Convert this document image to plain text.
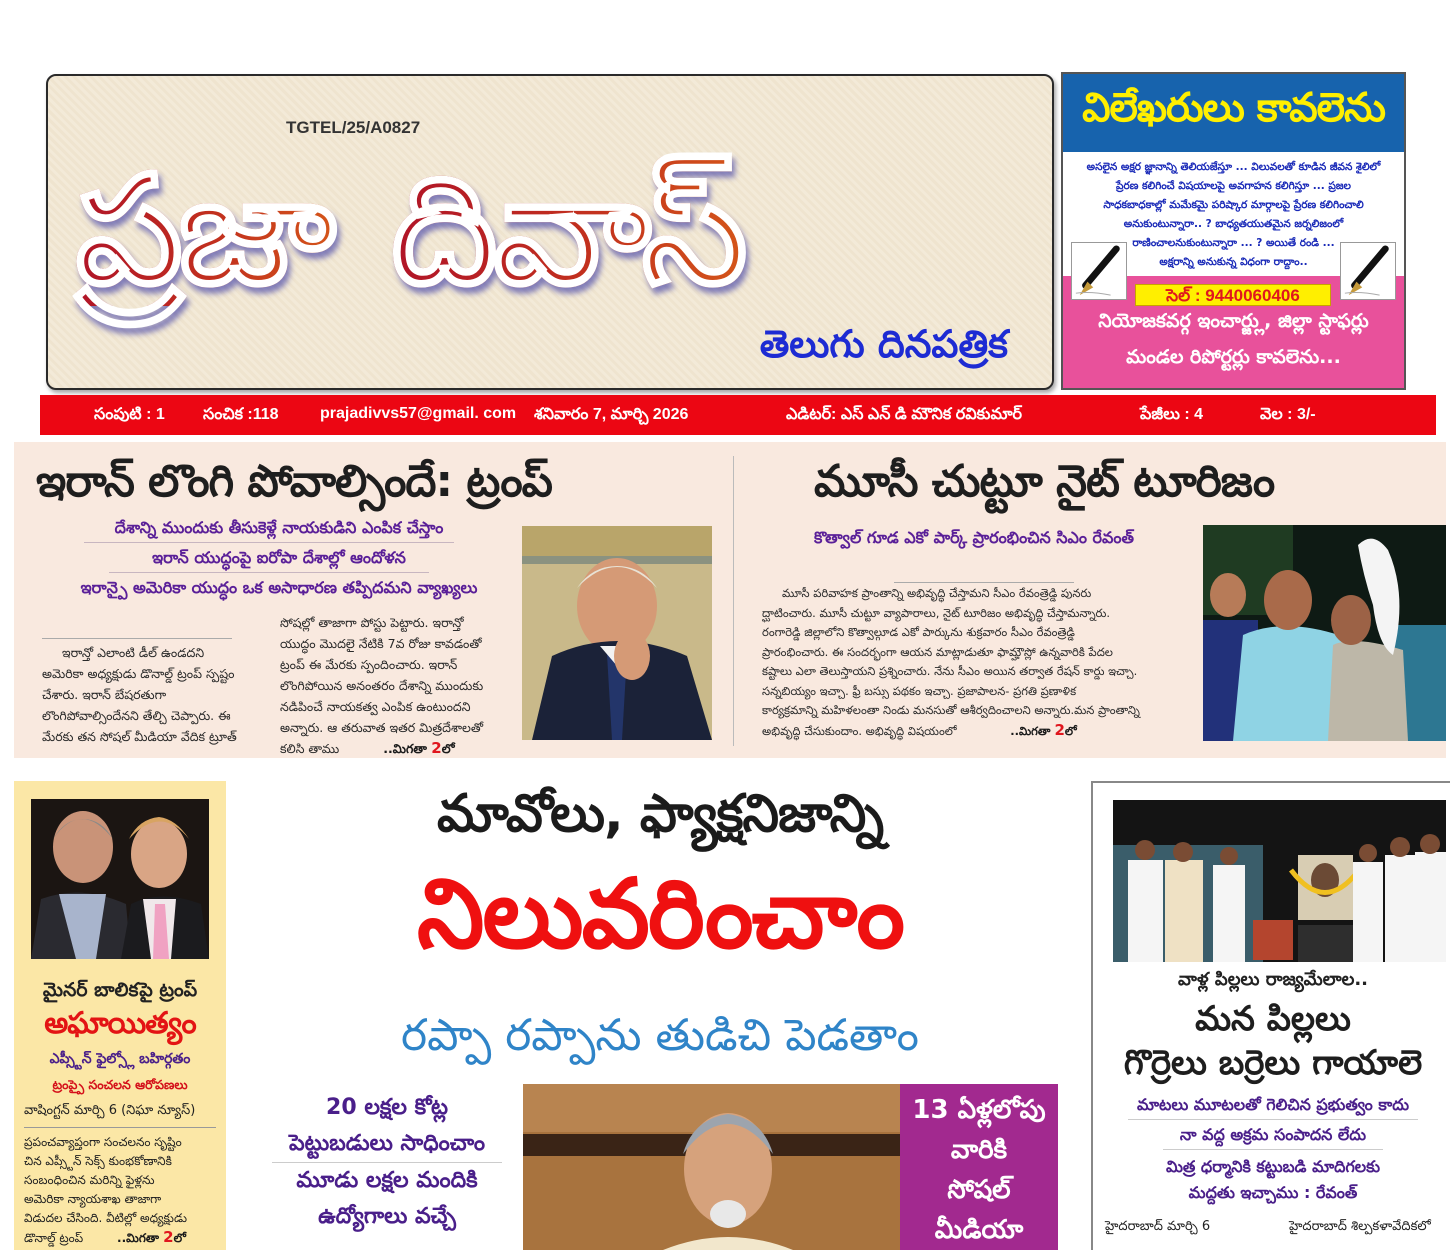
TGTEL/25/A0827
ప్రజా దివాస్
తెలుగు దినపత్రిక
విలేఖరులు కావలెను
అసలైన అక్షర జ్ఞానాన్ని తెలియజేస్తూ ... విలువలతో కూడిన జీవన శైలిలో
ప్రేరణ కలిగించే విషయాలపై అవగాహన కలిగిస్తూ ... ప్రజల
సాధకబాధకాల్లో మమేకమై పరిష్కార మార్గాలపై ప్రేరణ కలిగించాలి
అనుకుంటున్నారా.. ? బాధ్యతయుతమైన జర్నలిజంలో
రాణించాలనుకుంటున్నారా ... ? అయితే రండి ...
అక్షరాన్ని అనుకున్న విధంగా రాద్దాం..
నియోజకవర్గ ఇంచార్జ్లు, జిల్లా స్టాఫర్లు
మండల రిపోర్టర్లు కావలెను...
సెల్ : 9440060406
సంపుటి : 1 సంచిక :118	prajadivvs57@gmail. com శనివారం 7, మార్చి 2026	ఎడిటర్: ఎస్ ఎన్ డి మౌనిక రవికుమార్	పేజీలు : 4	వెల : 3/-
ఇరాన్ లొంగి పోవాల్సిందే: ట్రంప్
దేశాన్ని ముందుకు తీసుకెళ్లే నాయకుడిని ఎంపిక చేస్తాం
ఇరాన్ యుద్ధంపై ఐరోపా దేశాల్లో ఆందోళన
ఇరాన్పై అమెరికా యుద్ధం ఒక అసాధారణ తప్పిదమని వ్యాఖ్యలు
ఇరాన్తో ఎలాంటి డీల్ ఉండదని
అమెరికా అధ్యక్షుడు డొనాల్డ్ ట్రంప్ స్పష్టం
చేశారు. ఇరాన్ బేషరతుగా
లొంగిపోవాల్సిందేనని తేల్చి చెప్పారు. ఈ
మేరకు తన సోషల్ మీడియా వేదిక ట్రూత్
సోషల్లో తాజాగా పోస్టు పెట్టారు. ఇరాన్తో
యుద్ధం మొదలై నేటికి 7వ రోజు కావడంతో
ట్రంప్ ఈ మేరకు స్పందించారు. ఇరాన్
లొంగిపోయిన అనంతరం దేశాన్ని ముందుకు
నడిపించే నాయకత్వ ఎంపిక ఉంటుందని
అన్నారు. ఆ తరువాత ఇతర మిత్రదేశాలతో
కలిసి తాము	..మిగతా 2లో
మూసీ చుట్టూ నైట్ టూరిజం
కొత్వాల్ గూడ ఎకో పార్క్ ప్రారంభించిన సిఎం రేవంత్
మూసీ పరివాహక ప్రాంతాన్ని అభివృద్ధి చేస్తామని సీఎం రేవంత్రెడ్డి పునరు
ద్ఘాటించారు. మూసీ చుట్టూ వ్యాపారాలు, నైట్ టూరిజం అభివృద్ధి చేస్తామన్నారు.
రంగారెడ్డి జిల్లాలోని కొత్వాల్గూడ ఎకో పార్కును శుక్రవారం సీఎం రేవంత్రెడ్డి
ప్రారంభించారు. ఈ సందర్భంగా ఆయన మాట్లాడుతూ ఫామ్హౌస్లో ఉన్నవారికి పేదల
కష్టాలు ఎలా తెలుస్తాయని ప్రశ్నించారు. నేను సీఎం అయిన తర్వాత రేషన్ కార్డు ఇచ్చా.
సన్నబియ్యం ఇచ్చా. ఫ్రీ బస్సు పథకం ఇచ్చా. ప్రజాపాలన- ప్రగతి ప్రణాళిక
కార్యక్రమాన్ని మహిళలంతా నిండు మనసుతో ఆశీర్వదించాలని అన్నారు.మన ప్రాంతాన్ని
అభివృద్ధి చేసుకుందాం. అభివృద్ధి విషయంలో	..మిగతా 2లో
మైనర్ బాలికపై ట్రంప్
అఘాయిత్యం
ఎప్స్టీన్ ఫైల్స్లో బహిర్గతం
ట్రంప్పై సంచలన ఆరోపణలు
వాషింగ్టన్ మార్చి 6 (నిఘా న్యూస్)
ప్రపంచవ్యాప్తంగా సంచలనం సృష్టిం
చిన ఎప్స్టీన్ సెక్స్ కుంభకోణానికి
సంబంధించిన మరిన్ని ఫైళ్లను
అమెరికా న్యాయశాఖ తాజాగా
విడుదల చేసింది. వీటిల్లో అధ్యక్షుడు
డొనాల్డ్ ట్రంప్	..మిగతా 2లో
మావోలు, ఫ్యాక్షనిజాన్ని
నిలువరించాం
రప్పా రప్పాను తుడిచి పెడతాం
20 లక్షల కోట్ల
పెట్టుబడులు సాధించాం
మూడు లక్షల మందికి
ఉద్యోగాలు వచ్చే
13 ఏళ్లలోపు
వారికి
సోషల్
మీడియా
వాళ్ల పిల్లలు రాజ్యమేలాల..
మన పిల్లలు
గొర్రెలు బర్రెలు గాయాలె
మాటలు మూటలతో గెలిచిన ప్రభుత్వం కాదు
నా వద్ద అక్రమ సంపాదన లేదు
మిత్ర ధర్మానికి కట్టుబడి మాదిగలకు
మద్దతు ఇచ్చాము : రేవంత్
హైదరాబాద్ మార్చి 6	హైదరాబాద్ శిల్పకళావేదికలో
